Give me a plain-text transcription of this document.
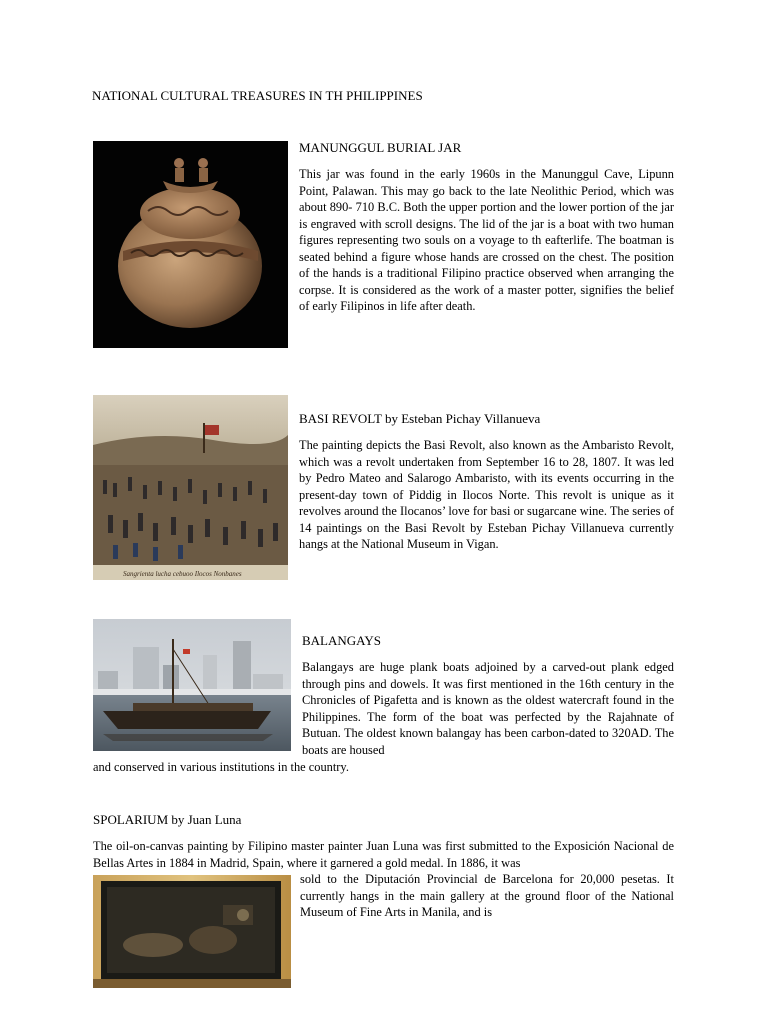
NATIONAL CULTURAL TREASURES IN TH PHILIPPINES

MANUNGGUL BURIAL JAR

This jar was found in the early 1960s in the Manunggul Cave, Lipunn Point, Palawan. This may go back to the late Neolithic Period, which was about 890- 710 B.C. Both the upper portion and the lower portion of the jar is engraved with scroll designs. The lid of the jar is a boat with two human figures representing two souls on a voyage to th eafterlife. The boatman is seated behind a figure whose hands are crossed on the chest. The position of the hands is a traditional Filipino practice observed when arranging the corpse. It is considered as the work of a master potter, signifies the belief of early Filipinos in life after death.

Sangrienta lucha cebuoo Ilocos Nonbanes

BASI REVOLT by Esteban Pichay Villanueva

The painting depicts the Basi Revolt, also known as the Ambaristo Revolt, which was a revolt undertaken from September 16 to 28, 1807. It was led by Pedro Mateo and Salarogo Ambaristo, with its events occurring in the present-day town of Piddig in Ilocos Norte. This revolt is unique as it revolves around the Ilocanos’ love for basi or sugarcane wine. The series of 14 paintings on the Basi Revolt by Esteban Pichay Villanueva currently hangs at the National Museum in Vigan.

BALANGAYS

Balangays are huge plank boats adjoined by a carved-out plank edged through pins and dowels. It was first mentioned in the 16th century in the Chronicles of Pigafetta and is known as the oldest watercraft found in the Philippines. The form of the boat was perfected by the Rajahnate of Butuan. The oldest known balangay has been carbon-dated to 320AD. The boats are housed

and conserved in various institutions in the country.

SPOLARIUM by Juan Luna

The oil-on-canvas painting by Filipino master painter Juan Luna was first submitted to the Exposición Nacional de Bellas Artes in 1884 in Madrid, Spain, where it garnered a gold medal. In 1886, it was

sold to the Diputación Provincial de Barcelona for 20,000 pesetas. It currently hangs in the main gallery at the ground floor of the National Museum of Fine Arts in Manila, and is
